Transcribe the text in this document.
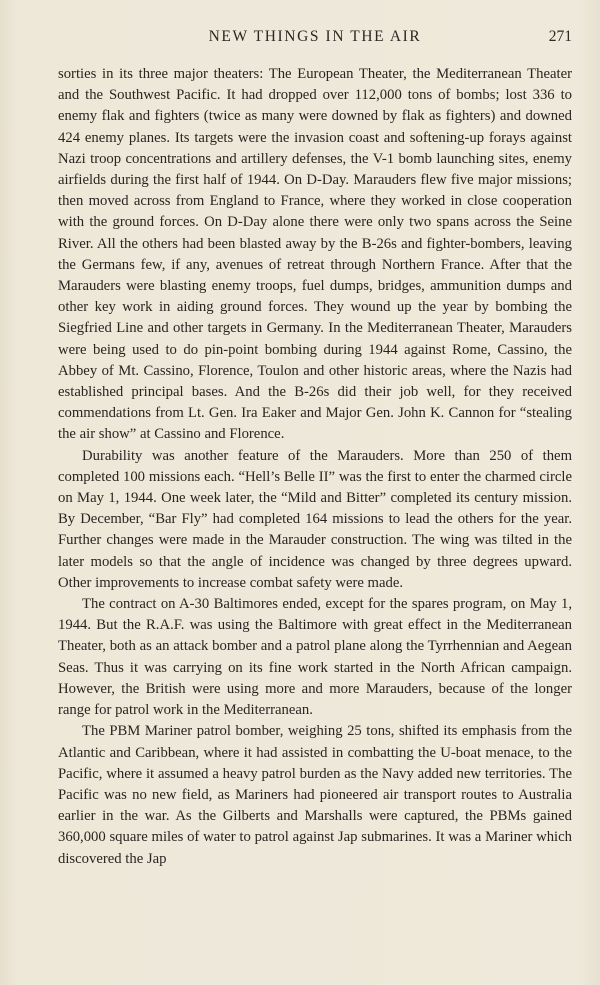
NEW THINGS IN THE AIR	271

sorties in its three major theaters: The European Theater, the Mediterranean Theater and the Southwest Pacific. It had dropped over 112,000 tons of bombs; lost 336 to enemy flak and fighters (twice as many were downed by flak as fighters) and downed 424 enemy planes. Its targets were the invasion coast and softening-up forays against Nazi troop concentrations and artillery defenses, the V-1 bomb launching sites, enemy airfields during the first half of 1944. On D-Day. Marauders flew five major missions; then moved across from England to France, where they worked in close cooperation with the ground forces. On D-Day alone there were only two spans across the Seine River. All the others had been blasted away by the B-26s and fighter-bombers, leaving the Germans few, if any, avenues of retreat through Northern France. After that the Marauders were blasting enemy troops, fuel dumps, bridges, ammunition dumps and other key work in aiding ground forces. They wound up the year by bombing the Siegfried Line and other targets in Germany. In the Mediterranean Theater, Marauders were being used to do pin-point bombing during 1944 against Rome, Cassino, the Abbey of Mt. Cassino, Florence, Toulon and other historic areas, where the Nazis had established principal bases. And the B-26s did their job well, for they received commendations from Lt. Gen. Ira Eaker and Major Gen. John K. Cannon for “stealing the air show” at Cassino and Florence.

Durability was another feature of the Marauders. More than 250 of them completed 100 missions each. “Hell’s Belle II” was the first to enter the charmed circle on May 1, 1944. One week later, the “Mild and Bitter” completed its century mission. By December, “Bar Fly” had completed 164 missions to lead the others for the year. Further changes were made in the Marauder construction. The wing was tilted in the later models so that the angle of incidence was changed by three degrees upward. Other improvements to increase combat safety were made.

The contract on A-30 Baltimores ended, except for the spares program, on May 1, 1944. But the R.A.F. was using the Baltimore with great effect in the Mediterranean Theater, both as an attack bomber and a patrol plane along the Tyrrhennian and Aegean Seas. Thus it was carrying on its fine work started in the North African campaign. However, the British were using more and more Marauders, because of the longer range for patrol work in the Mediterranean.

The PBM Mariner patrol bomber, weighing 25 tons, shifted its emphasis from the Atlantic and Caribbean, where it had assisted in combatting the U-boat menace, to the Pacific, where it assumed a heavy patrol burden as the Navy added new territories. The Pacific was no new field, as Mariners had pioneered air transport routes to Australia earlier in the war. As the Gilberts and Marshalls were captured, the PBMs gained 360,000 square miles of water to patrol against Jap submarines. It was a Mariner which discovered the Jap
